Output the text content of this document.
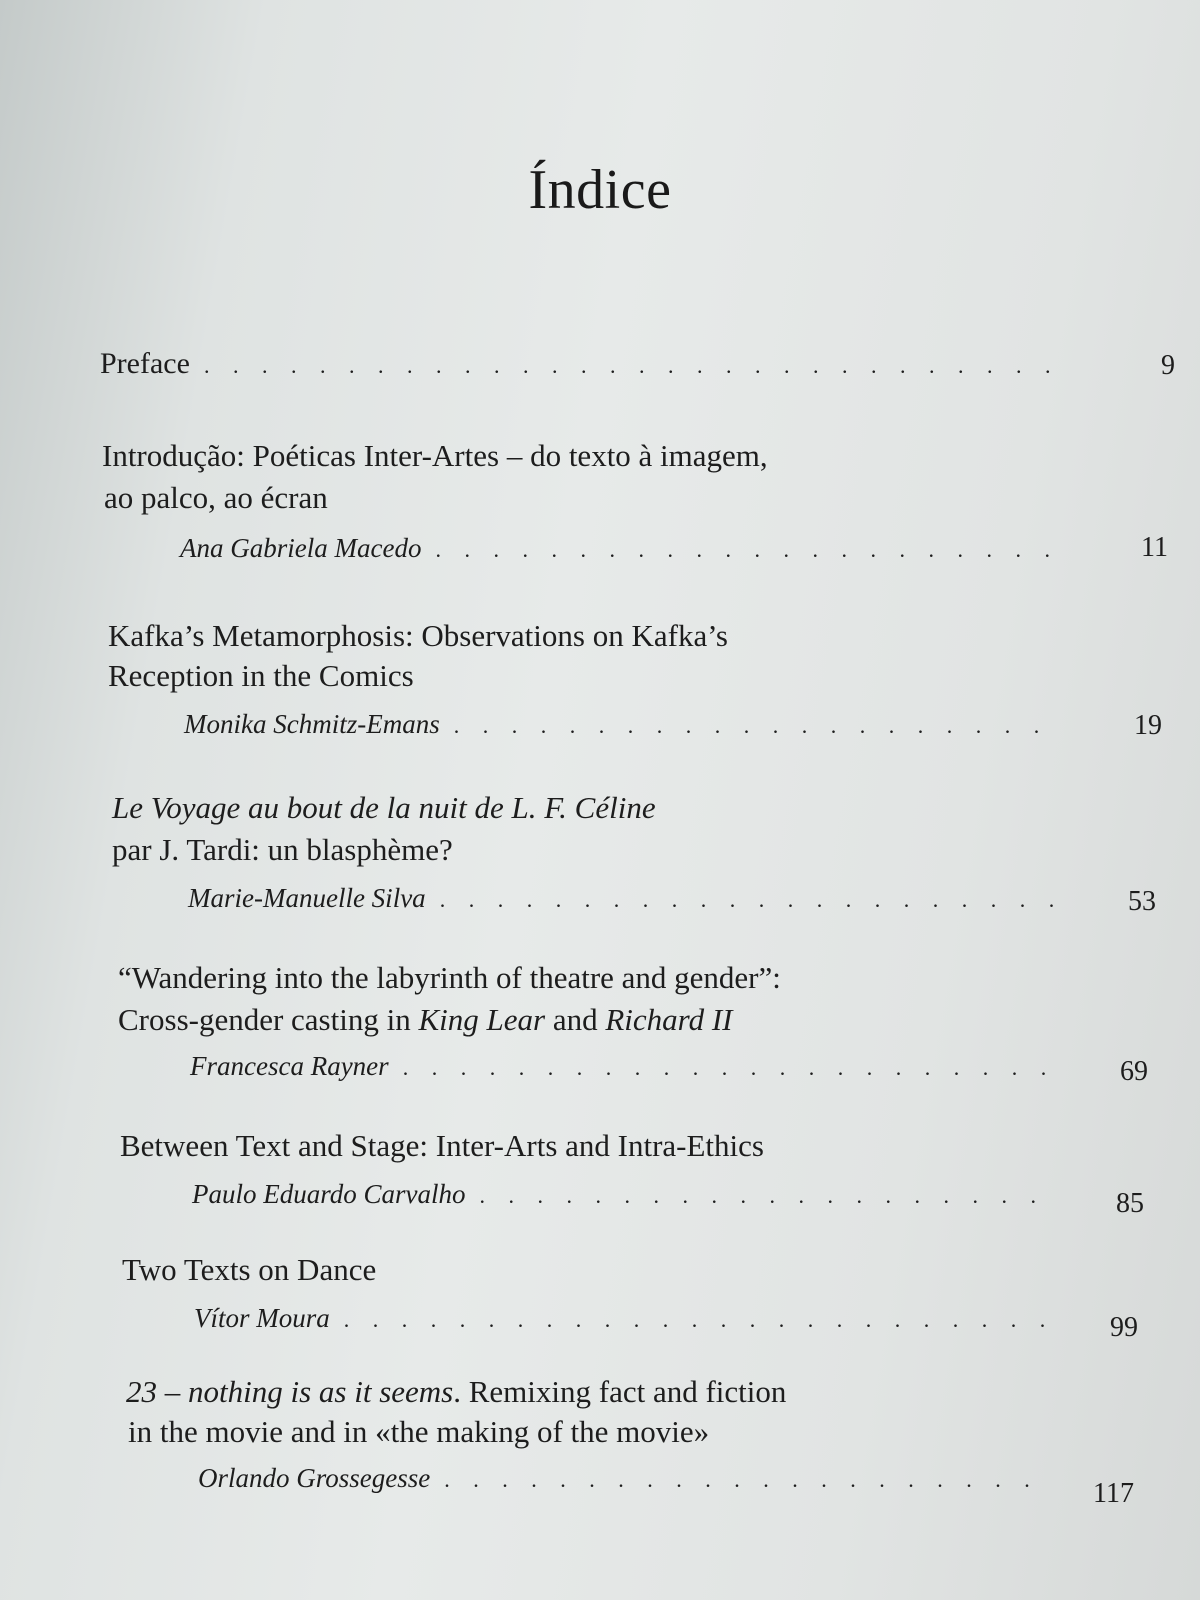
Índice
Preface . . .	9
Introdução: Poéticas Inter-Artes – do texto à imagem,
ao palco, ao écran
Ana Gabriela Macedo . . .	11
Kafka’s Metamorphosis: Observations on Kafka’s
Reception in the Comics
Monika Schmitz-Emans . . .	19
Le Voyage au bout de la nuit de L. F. Céline
par J. Tardi: un blasphème?
Marie-Manuelle Silva . . .	53
“Wandering into the labyrinth of theatre and gender”:
Cross-gender casting in King Lear and Richard II
Francesca Rayner . . .	69
Between Text and Stage: Inter-Arts and Intra-Ethics
Paulo Eduardo Carvalho . . .	85
Two Texts on Dance
Vítor Moura . . .	99
23 – nothing is as it seems. Remixing fact and fiction
in the movie and in «the making of the movie»
Orlando Grossegesse . . .	117
